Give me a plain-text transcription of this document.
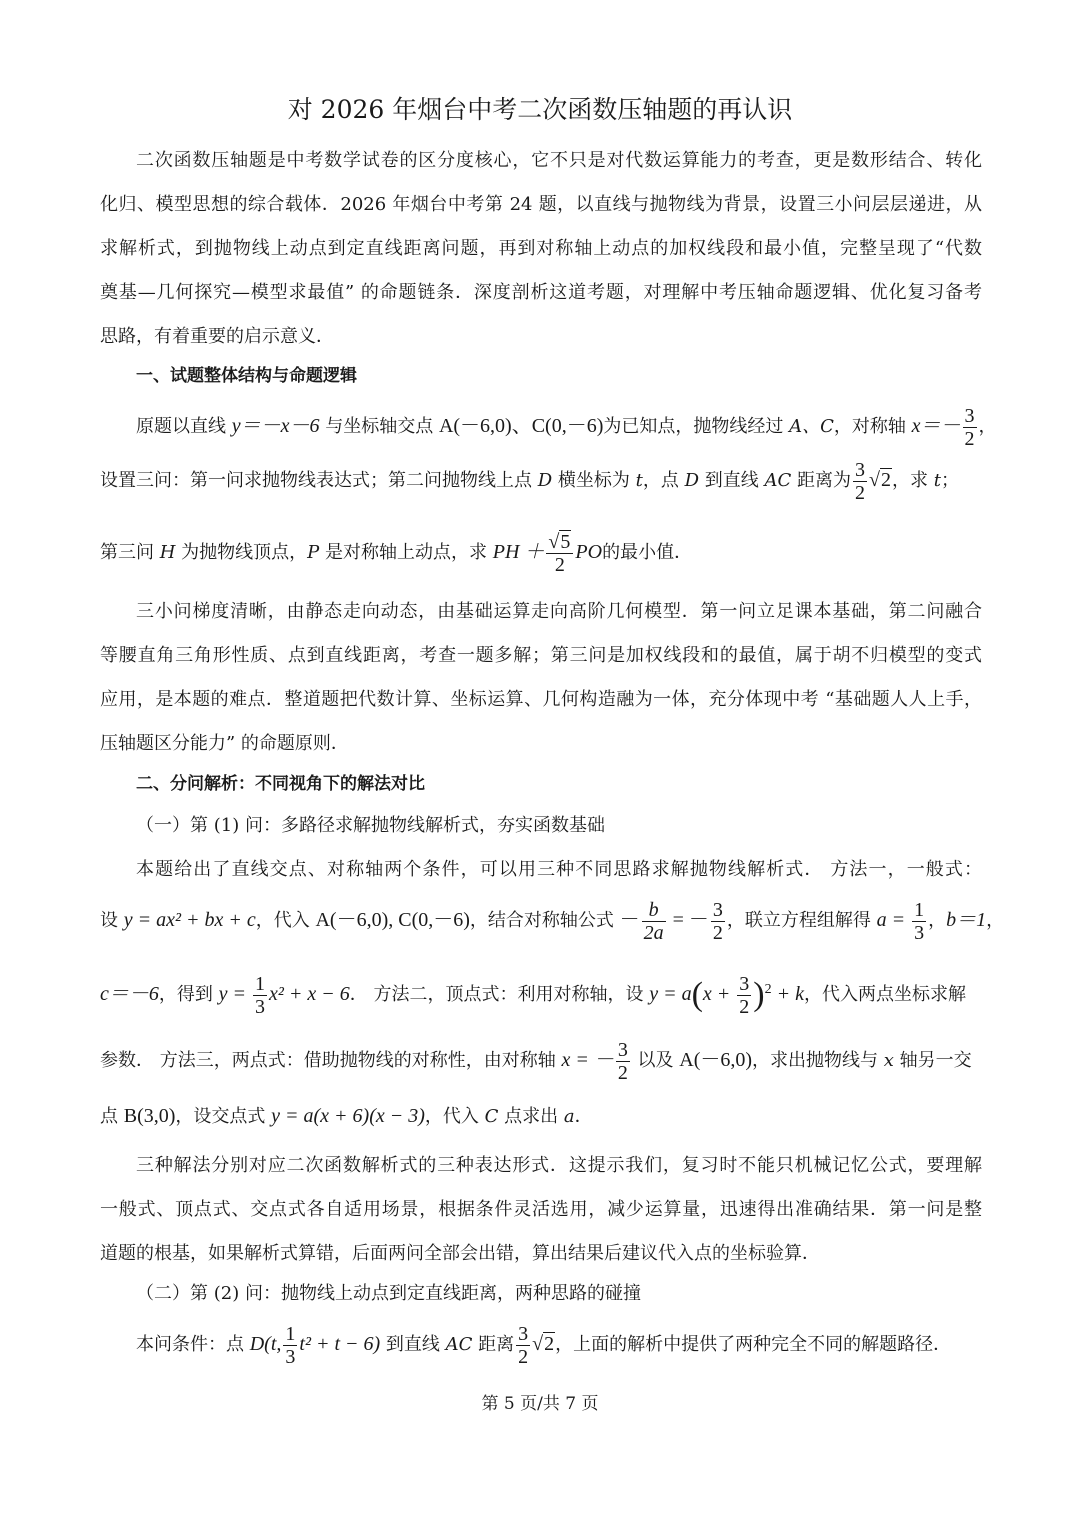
对 2026 年烟台中考二次函数压轴题的再认识
二次函数压轴题是中考数学试卷的区分度核心，它不只是对代数运算能力的考查，更是数形结合、转化
化归、模型思想的综合载体．2026 年烟台中考第 24 题，以直线与抛物线为背景，设置三小问层层递进，从
求解析式，到抛物线上动点到定直线距离问题，再到对称轴上动点的加权线段和最小值，完整呈现了“代数
奠基—几何探究—模型求最值” 的命题链条．深度剖析这道考题，对理解中考压轴命题逻辑、优化复习备考
思路，有着重要的启示意义．
一、试题整体结构与命题逻辑
原题以直线 y＝－x－6 与坐标轴交点 A(－6,0)、C(0,－6)为已知点，抛物线经过 A、C，对称轴 $x=- \frac{3}{2}$ ，
设置三问：第一问求抛物线表达式；第二问抛物线上点 D 横坐标为 t，点 D 到直线 AC 距离为 $\frac{3}{2} √2$，求 t；
第三问 H 为抛物线顶点，P 是对称轴上动点，求 PH ＋ $\frac{√5}{2}$ PO的最小值．
三小问梯度清晰，由静态走向动态，由基础运算走向高阶几何模型．第一问立足课本基础，第二问融合
等腰直角三角形性质、点到直线距离，考查一题多解；第三问是加权线段和的最值，属于胡不归模型的变式
应用，是本题的难点．整道题把代数计算、坐标运算、几何构造融为一体，充分体现中考 “基础题人人上手，
压轴题区分能力” 的命题原则．
二、分问解析：不同视角下的解法对比
（一）第 (1) 问：多路径求解抛物线解析式，夯实函数基础
本题给出了直线交点、对称轴两个条件，可以用三种不同思路求解抛物线解析式． 方法一，一般式：
设 y = ax² + bx + c，代入 A(－6,0), C(0,－6)，结合对称轴公式 － $\frac{b}{2a}$ = － $\frac{3}{2}$ ，联立方程组解得 $a = \frac{1}{3}$ ，b＝1，
c＝－6，得到 $y = \frac{1}{3} x^2 + x - 6$． 方法二，顶点式：利用对称轴，设 $y = a(x + \frac{3}{2} )^2 + k$，代入两点坐标求解
参数． 方法三，两点式：借助抛物线的对称性，由对称轴 x = － $\frac{3}{2}$ 以及 A(－6,0)，求出抛物线与 x 轴另一交
点 B(3,0)，设交点式 y = a(x + 6)(x − 3)，代入 C 点求出 a．
三种解法分别对应二次函数解析式的三种表达形式．这提示我们，复习时不能只机械记忆公式，要理解
一般式、顶点式、交点式各自适用场景，根据条件灵活选用，减少运算量，迅速得出准确结果．第一问是整
道题的根基，如果解析式算错，后面两问全部会出错，算出结果后建议代入点的坐标验算．
（二）第 (2) 问：抛物线上动点到定直线距离，两种思路的碰撞
本问条件：点 D(t, $\frac{1}{3} t^2 + t - 6$) 到直线 AC 距离 $\frac{3}{2} √2$，上面的解析中提供了两种完全不同的解题路径．
第 5 页/共 7 页
